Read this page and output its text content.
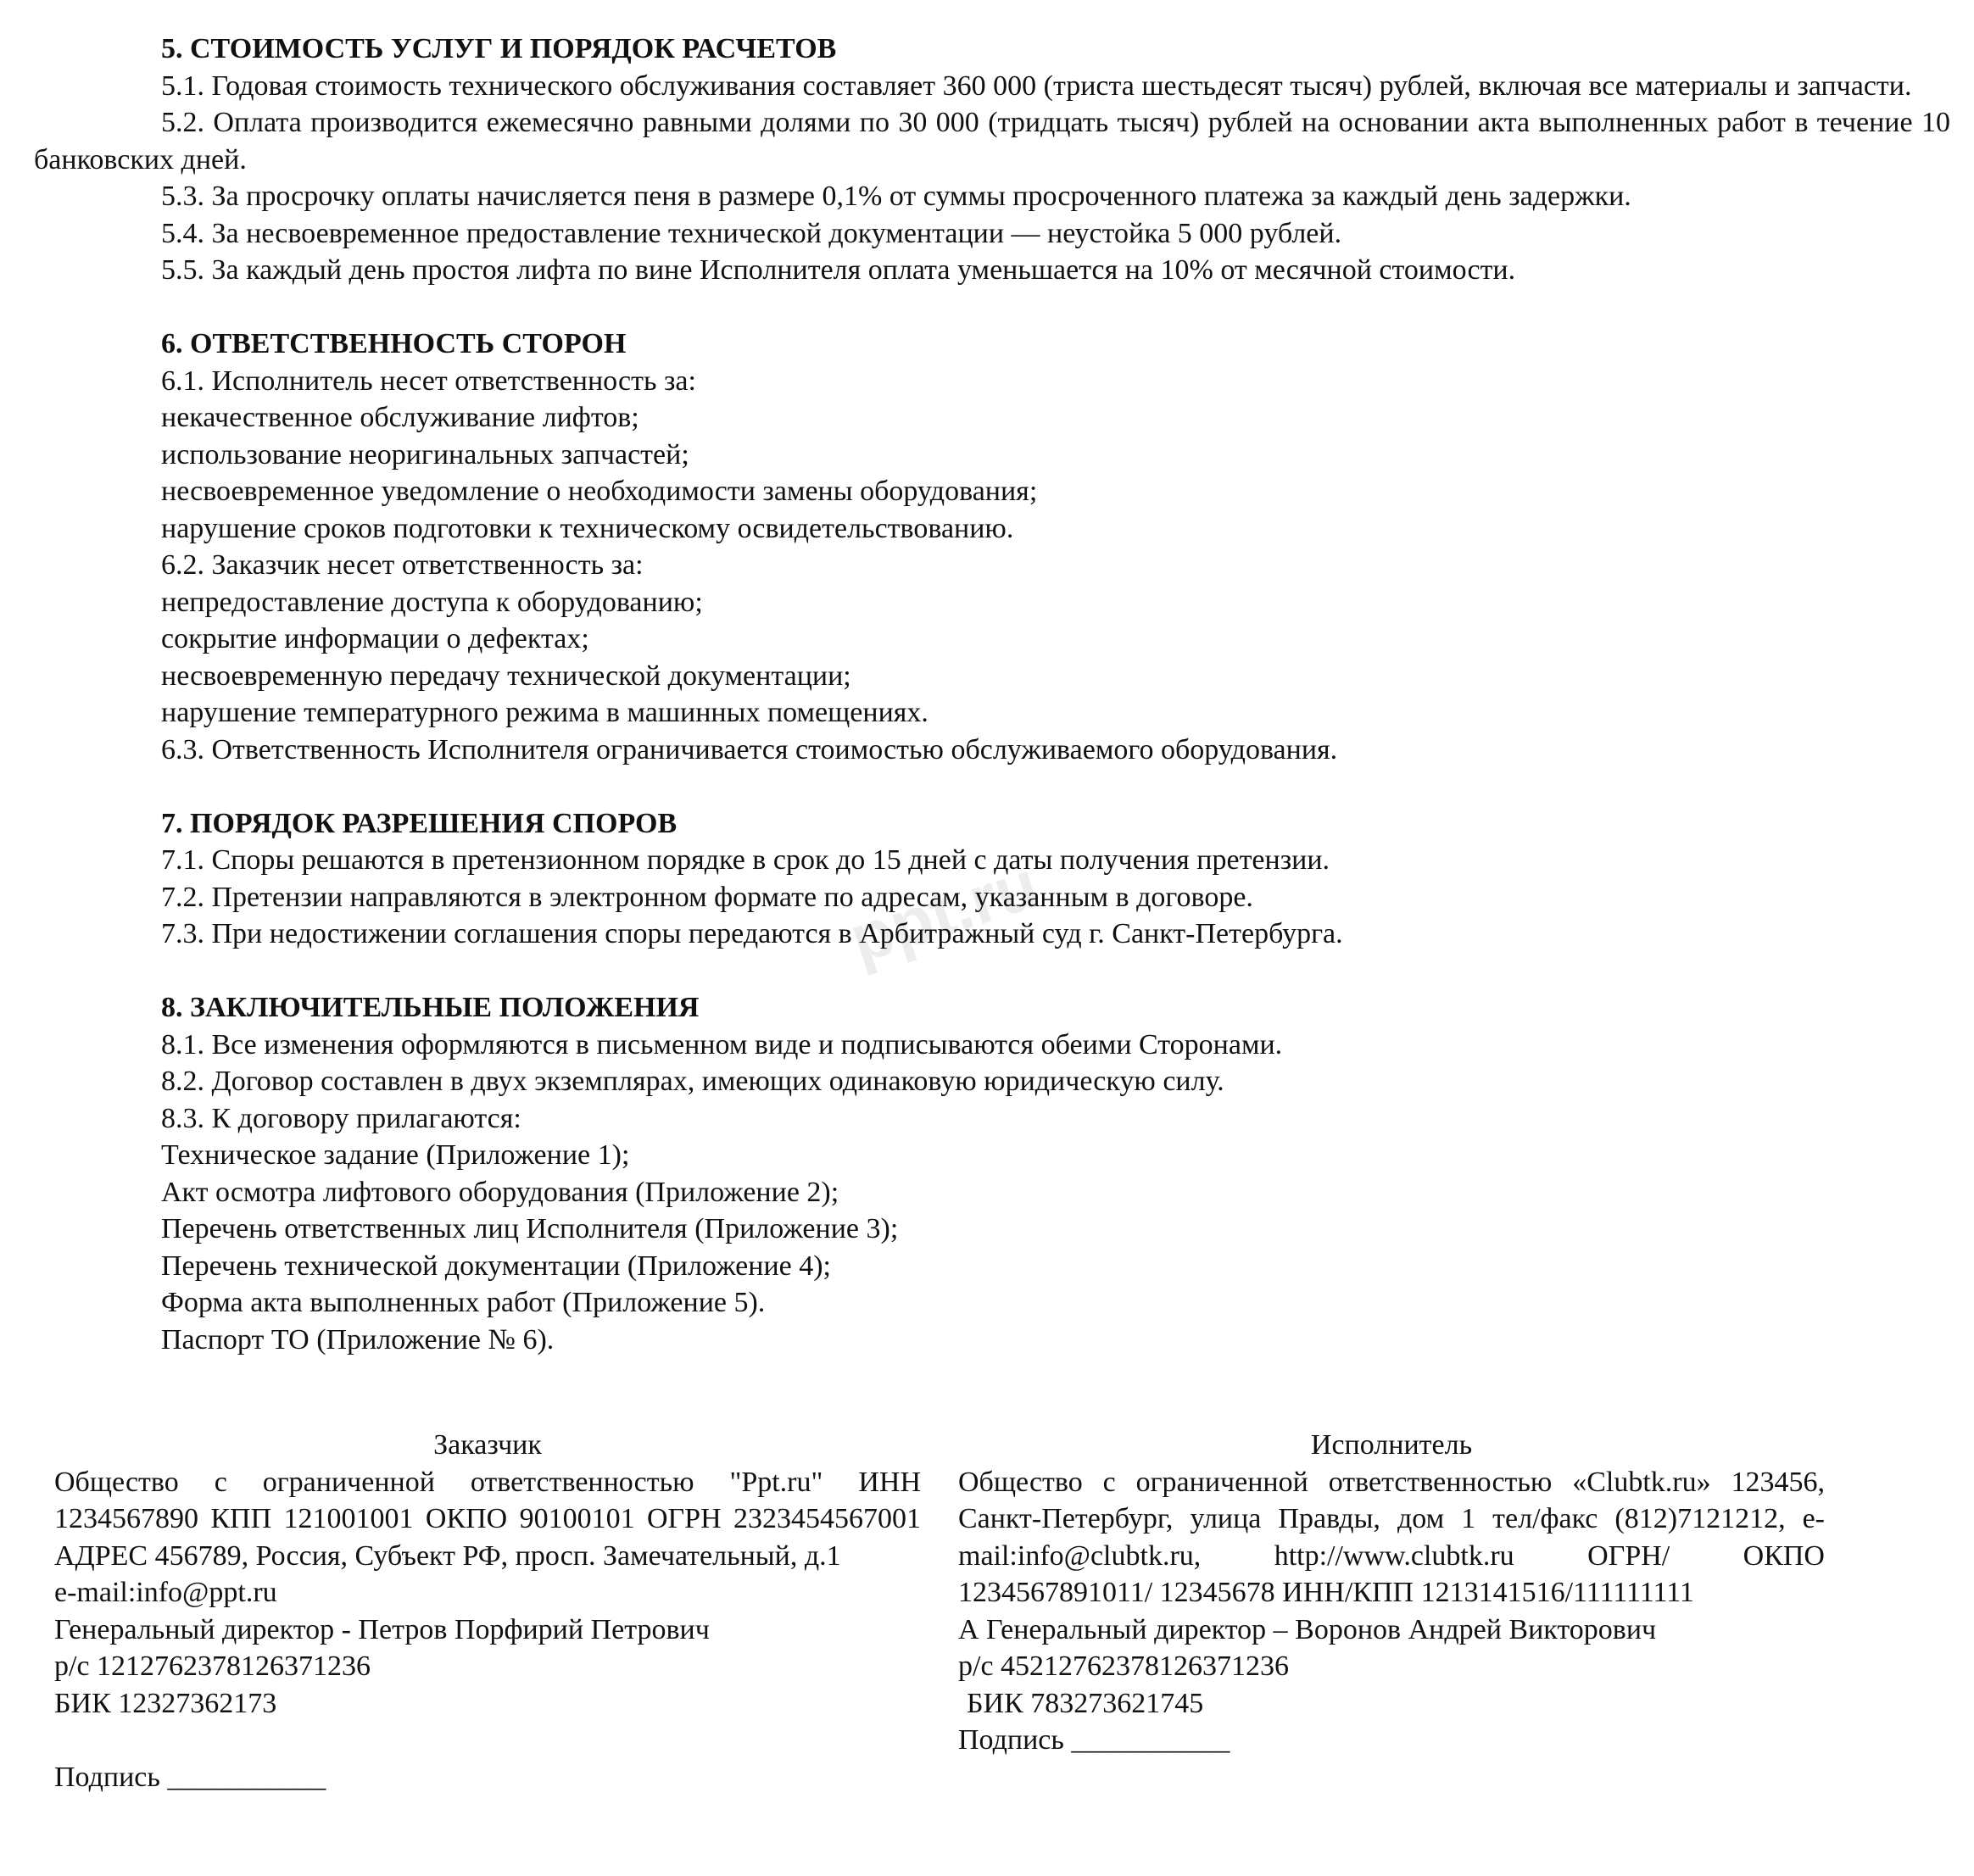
ppt.ru

5. СТОИМОСТЬ УСЛУГ И ПОРЯДОК РАСЧЕТОВ

5.1. Годовая стоимость технического обслуживания составляет 360 000 (триста шестьдесят тысяч) рублей, включая все материалы и запчасти.

5.2. Оплата производится ежемесячно равными долями по 30 000 (тридцать тысяч) рублей на основании акта выполненных работ в течение 10 банковских дней.

5.3. За просрочку оплаты начисляется пеня в размере 0,1% от суммы просроченного платежа за каждый день задержки.

5.4. За несвоевременное предоставление технической документации — неустойка 5 000 рублей.

5.5. За каждый день простоя лифта по вине Исполнителя оплата уменьшается на 10% от месячной стоимости.

6. ОТВЕТСТВЕННОСТЬ СТОРОН

6.1. Исполнитель несет ответственность за:

некачественное обслуживание лифтов;

использование неоригинальных запчастей;

несвоевременное уведомление о необходимости замены оборудования;

нарушение сроков подготовки к техническому освидетельствованию.

6.2. Заказчик несет ответственность за:

непредоставление доступа к оборудованию;

сокрытие информации о дефектах;

несвоевременную передачу технической документации;

нарушение температурного режима в машинных помещениях.

6.3. Ответственность Исполнителя ограничивается стоимостью обслуживаемого оборудования.

7. ПОРЯДОК РАЗРЕШЕНИЯ СПОРОВ

7.1. Споры решаются в претензионном порядке в срок до 15 дней с даты получения претензии.

7.2. Претензии направляются в электронном формате по адресам, указанным в договоре.

7.3. При недостижении соглашения споры передаются в Арбитражный суд г. Санкт-Петербурга.

8. ЗАКЛЮЧИТЕЛЬНЫЕ ПОЛОЖЕНИЯ

8.1. Все изменения оформляются в письменном виде и подписываются обеими Сторонами.

8.2. Договор составлен в двух экземплярах, имеющих одинаковую юридическую силу.

8.3. К договору прилагаются:

Техническое задание (Приложение 1);

Акт осмотра лифтового оборудования (Приложение 2);

Перечень ответственных лиц Исполнителя (Приложение 3);

Перечень технической документации (Приложение 4);

Форма акта выполненных работ (Приложение 5).

Паспорт ТО (Приложение № 6).

Заказчик

Общество с ограниченной ответственностью "Ppt.ru" ИНН 1234567890 КПП 121001001 ОКПО 90100101 ОГРН 2323454567001 АДРЕС 456789, Россия, Субъект РФ, просп. Замечательный, д.1

e-mail:info@ppt.ru

Генеральный директор - Петров Порфирий Петрович

р/с 1212762378126371236

БИК 12327362173

Подпись ___________

Исполнитель

Общество с ограниченной ответственностью «Clubtk.ru» 123456, Санкт-Петербург, улица Правды, дом 1 тел/факс (812)7121212, e-mail:info@clubtk.ru, http://www.clubtk.ru ОГРН/ ОКПО 1234567891011/ 12345678 ИНН/КПП 1213141516/111111111

А Генеральный директор – Воронов Андрей Викторович

р/с 45212762378126371236

БИК 783273621745

Подпись ___________
